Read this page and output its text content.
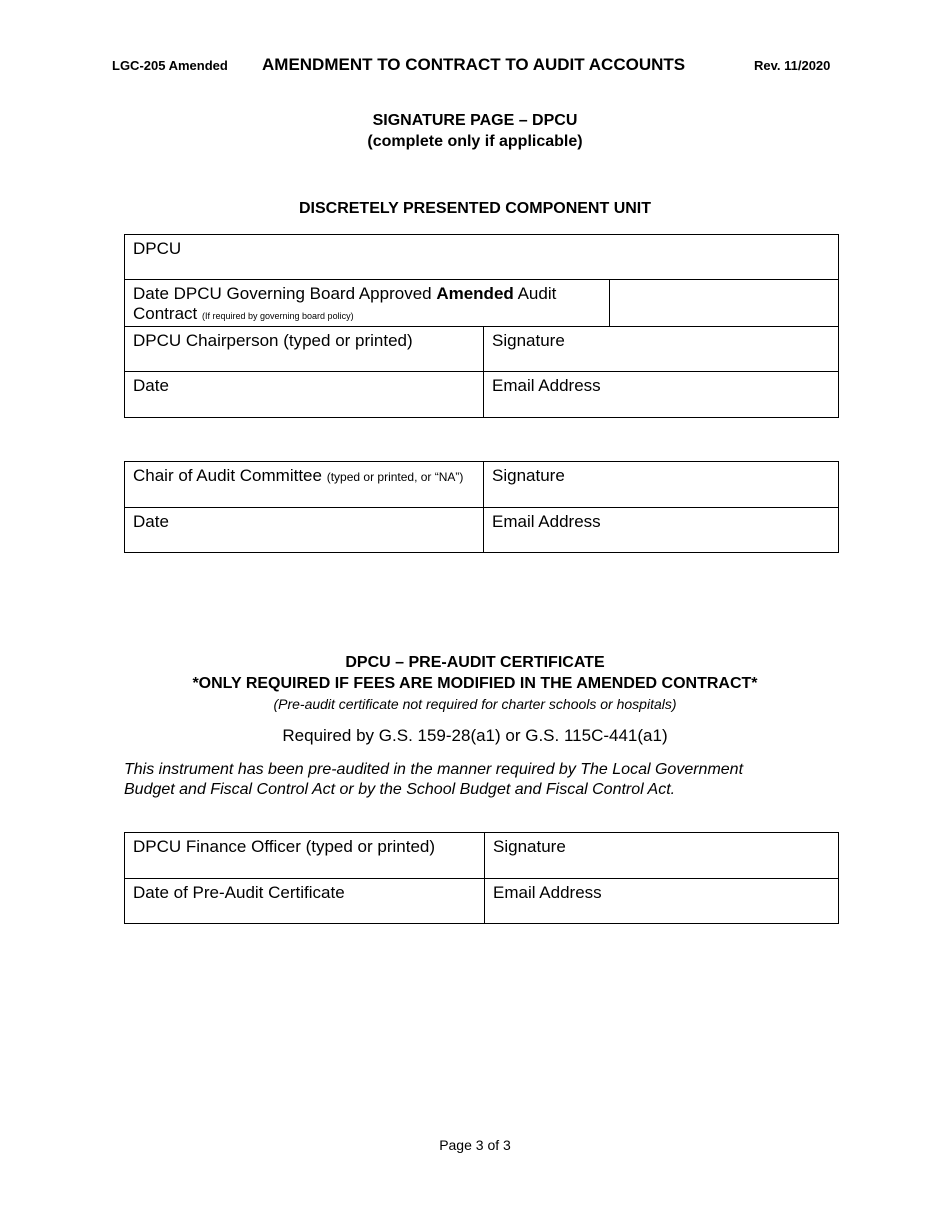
LGC-205 Amended AMENDMENT TO CONTRACT TO AUDIT ACCOUNTS	Rev. 11/2020
SIGNATURE PAGE – DPCU
(complete only if applicable)
DISCRETELY PRESENTED COMPONENT UNIT
DPCU		
Date DPCU Governing Board Approved Amended Audit
Contract (If required by governing board policy)		
DPCU Chairperson (typed or printed)	Signature	
Date	Email Address	
Chair of Audit Committee (typed or printed, or “NA”)	Signature
Date	Email Address
DPCU – PRE-AUDIT CERTIFICATE
*ONLY REQUIRED IF FEES ARE MODIFIED IN THE AMENDED CONTRACT*
(Pre-audit certificate not required for charter schools or hospitals)
Required by G.S. 159-28(a1) or G.S. 115C-441(a1)
This instrument has been pre-audited in the manner required by The Local Government
Budget and Fiscal Control Act or by the School Budget and Fiscal Control Act.
DPCU Finance Officer (typed or printed)	Signature
Date of Pre-Audit Certificate	Email Address
Page 3 of 3
